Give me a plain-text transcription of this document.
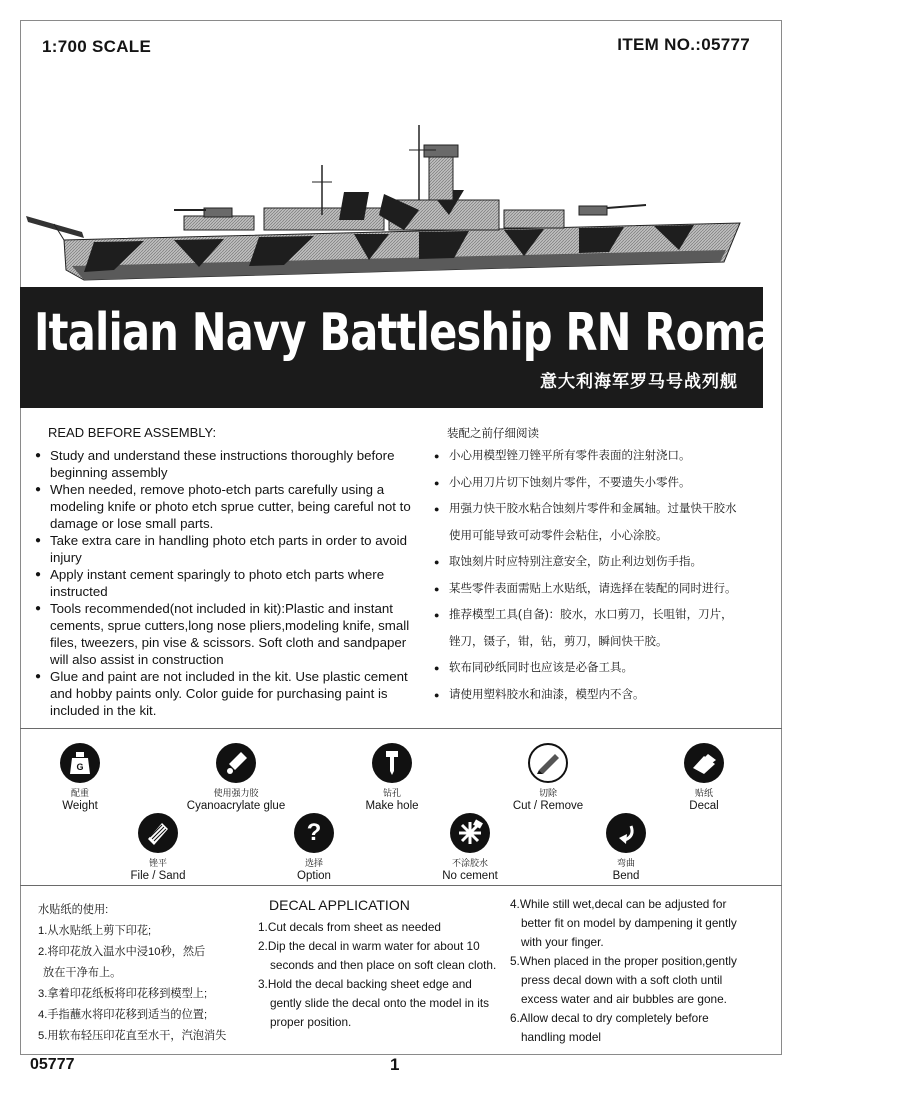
1:700 SCALE	ITEM NO.:05777
Italian Navy Battleship RN Roma 1943
意大利海军罗马号战列舰
READ BEFORE ASSEMBLY:
● Study and understand these instructions thoroughly before beginning assembly
● When needed, remove photo-etch parts carefully using a modeling knife or photo etch sprue cutter, being careful not to damage or lose small parts.
● Take extra care in handling photo etch parts in order to avoid injury
● Apply instant cement sparingly to photo etch parts where instructed
● Tools recommended(not included in kit):Plastic and instant cements, sprue cutters,long nose pliers,modeling knife, small files, tweezers, pin vise & scissors. Soft cloth and sandpaper will also assist in construction
● Glue and paint are not included in the kit. Use plastic cement and hobby paints only. Color guide for purchasing paint is included in the kit.
装配之前仔细阅读
● 小心用模型锉刀锉平所有零件表面的注射浇口。
● 小心用刀片切下蚀刻片零件，不要遗失小零件。
● 用强力快干胶水粘合蚀刻片零件和金属轴。过量快干胶水
使用可能导致可动零件会粘住，小心涂胶。
● 取蚀刻片时应特别注意安全，防止利边划伤手指。
● 某些零件表面需贴上水贴纸，请选择在装配的同时进行。
● 推荐模型工具(自备)：胶水，水口剪刀，长咀钳，刀片，
锉刀，镊子，钳，钻，剪刀，瞬间快干胶。
● 软布同砂纸同时也应该是必备工具。
● 请使用塑料胶水和油漆，模型内不含。
G
配重
Weight
使用强力胶
Cyanoacrylate glue
钻孔
Make hole
切除
Cut / Remove
贴纸
Decal
锉平
File / Sand
?
选择
Option
不涂胶水
No cement
弯曲
Bend
水贴纸的使用:
1.从水贴纸上剪下印花;
2.将印花放入温水中浸10秒，然后
放在干净布上。
3.拿着印花纸板将印花移到模型上;
4.手指蘸水将印花移到适当的位置;
5.用软布轻压印花直至水干，汽泡消失
DECAL APPLICATION
1.Cut decals from sheet as needed
2.Dip the decal in warm water for about 10
seconds and then place on soft clean cloth.
3.Hold the decal backing sheet edge and
gently slide the decal onto the model in its
proper position.
4.While still wet,decal can be adjusted for
better fit on model by dampening it gently
with your finger.
5.When placed in the proper position,gently
press decal down with a soft cloth until
excess water and air bubbles are gone.
6.Allow decal to dry completely before
handling model
05777	1
